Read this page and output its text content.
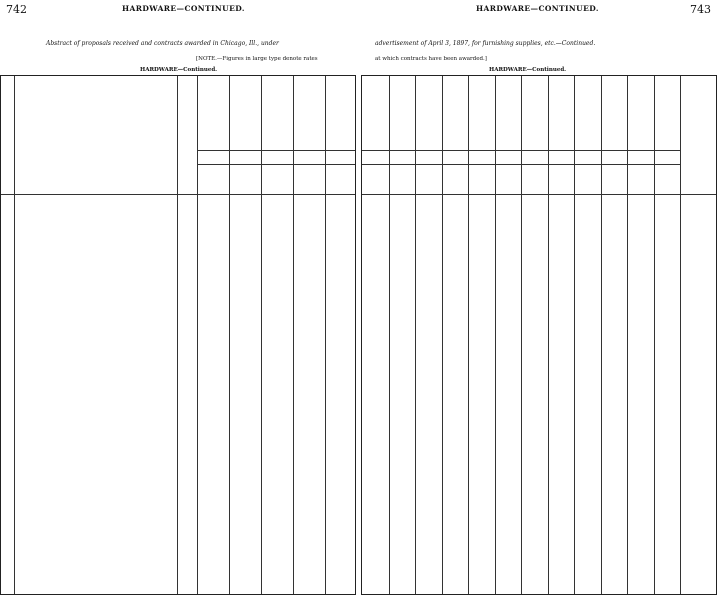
742	HARDWARE—CONTINUED.
Abstract of proposals received and contracts awarded in Chicago, Ill., under
[NOTE.—Figures in large type denote rates
HARDWARE—Continued.
743
HARDWARE—CONTINUED.
advertisement of April 3, 1897, for furnishing supplies, etc.—Continued.
at which contracts have been awarded.]
HARDWARE—Continued.
